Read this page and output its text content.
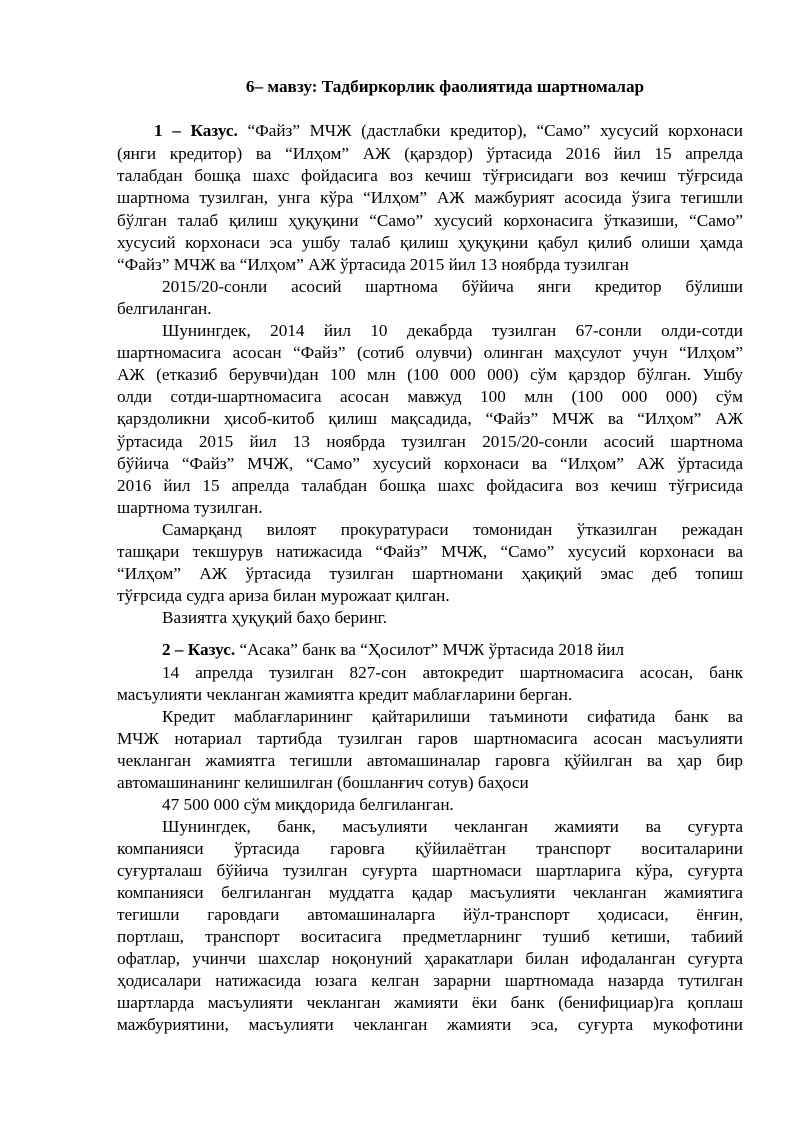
6– мавзу: Тадбиркорлик фаолиятида шартномалар

1 – Казус. “Файз” МЧЖ (дастлабки кредитор), “Само” хусусий корхонаси

(янги кредитор) ва “Илҳом” АЖ (қарздор) ўртасида 2016 йил 15 апрелда

талабдан бошқа шахс фойдасига воз кечиш тўғрисидаги воз кечиш тўғрсида

шартнома тузилган, унга кўра “Илҳом” АЖ мажбурият асосида ўзига тегишли

бўлган талаб қилиш ҳуқуқини “Само” хусусий корхонасига ўтказиши, “Само”

хусусий корхонаси эса ушбу талаб қилиш ҳуқуқини қабул қилиб олиши ҳамда

“Файз” МЧЖ ва “Илҳом” АЖ ўртасида 2015 йил 13 ноябрда тузилган

2015/20-сонли асосий шартнома бўйича янги кредитор бўлиши

белгиланган.

Шунингдек, 2014 йил 10 декабрда тузилган 67-сонли олди-сотди

шартномасига асосан “Файз” (сотиб олувчи) олинган маҳсулот учун “Илҳом”

АЖ (етказиб берувчи)дан 100 млн (100 000 000) сўм қарздор бўлган. Ушбу

олди сотди-шартномасига асосан мавжуд 100 млн (100 000 000) сўм

қарздоликни ҳисоб-китоб қилиш мақсадида, “Файз” МЧЖ ва “Илҳом” АЖ

ўртасида 2015 йил 13 ноябрда тузилган 2015/20-сонли асосий шартнома

бўйича “Файз” МЧЖ, “Само” хусусий корхонаси ва “Илҳом” АЖ ўртасида

2016 йил 15 апрелда талабдан бошқа шахс фойдасига воз кечиш тўғрисида

шартнома тузилган.

Самарқанд вилоят прокуратураси томонидан ўтказилган режадан

ташқари текшурув натижасида “Файз” МЧЖ, “Само” хусусий корхонаси ва

“Илҳом” АЖ ўртасида тузилган шартномани ҳақиқий эмас деб топиш

тўғрсида судга ариза билан мурожаат қилган.

Вазиятга ҳуқуқий баҳо беринг.

2 – Казус. “Асака” банк ва “Ҳосилот” МЧЖ ўртасида 2018 йил

14 апрелда тузилган 827-сон автокредит шартномасига асосан, банк

масъулияти чекланган жамиятга кредит маблағларини берган.

Кредит маблағларининг қайтарилиши таъминоти сифатида банк ва

МЧЖ нотариал тартибда тузилган гаров шартномасига асосан масъулияти

чекланган жамиятга тегишли автомашиналар гаровга қўйилган ва ҳар бир

автомашинанинг келишилган (бошланғич сотув) баҳоси

47 500 000 сўм миқдорида белгиланган.

Шунингдек, банк, масъулияти чекланган жамияти ва суғурта

компанияси ўртасида гаровга қўйилаётган транспорт воситаларини

суғурталаш бўйича тузилган суғурта шартномаси шартларига кўра, суғурта

компанияси белгиланган муддатга қадар масъулияти чекланган жамиятига

тегишли гаровдаги автомашиналарга йўл-транспорт ҳодисаси, ёнғин,

портлаш, транспорт воситасига предметларнинг тушиб кетиши, табиий

офатлар, учинчи шахслар ноқонуний ҳаракатлари билан ифодаланган суғурта

ҳодисалари натижасида юзага келган зарарни шартномада назарда тутилган

шартларда масъулияти чекланган жамияти ёки банк (бенифициар)га қоплаш

мажбуриятини, масъулияти чекланган жамияти эса, суғурта мукофотини
